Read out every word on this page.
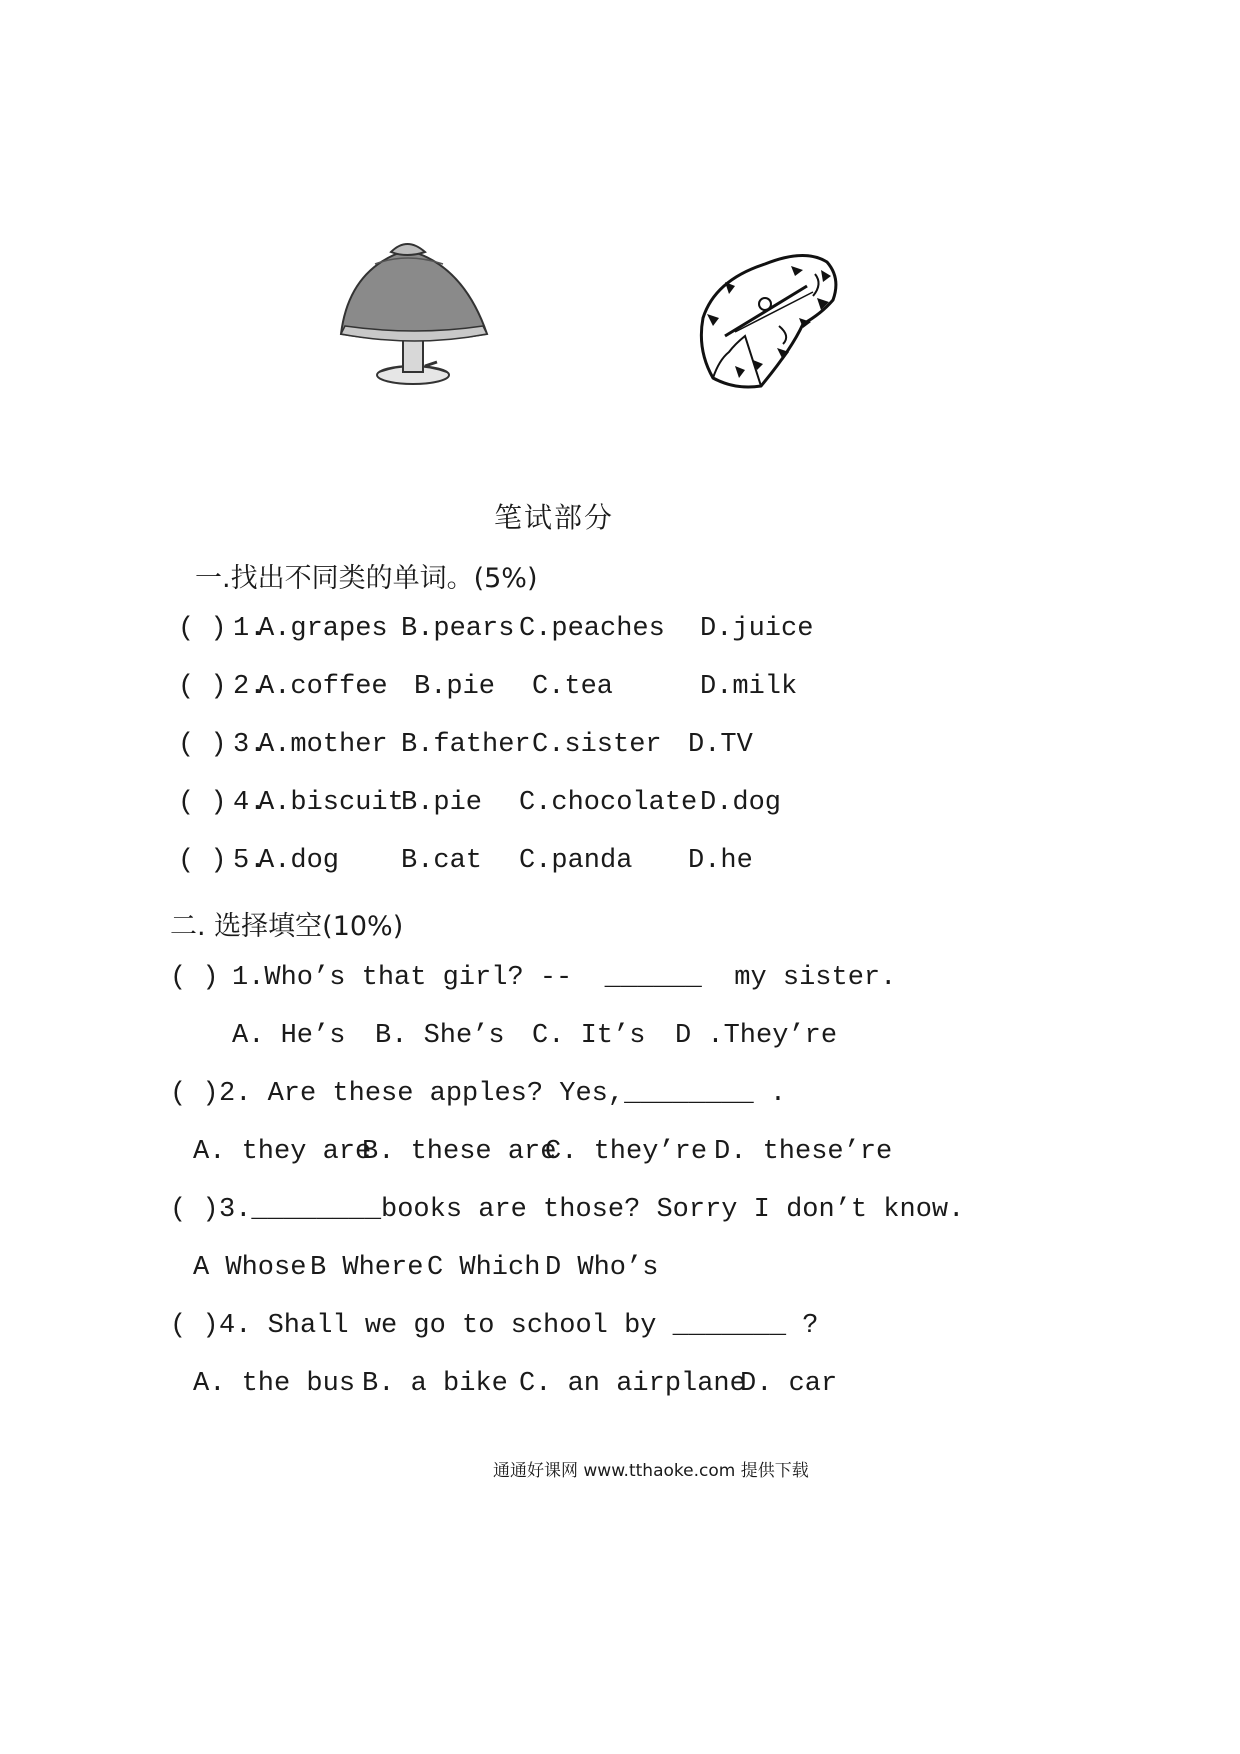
笔试部分
一.找出不同类的单词。(5%)
( ) 1.
A.grapes B.pears C.peaches D.juice
( ) 2.
A.coffee B.pie C.tea	D.milk
( ) 3.
A.mother B.father C.sister D.TV
( ) 4.
A.biscuit
B.pie C.chocolate D.dog
( ) 5.
A.dog B.cat C.panda D.he
二. 选择填空(10%)
( ) 1.Who’s that girl? --  ______  my sister.
A. He’s B. She’s C. It’s D .They’re
( ) 2. Are these apples? Yes,________ .
A. they are
B. these are
C. they’re D. these’re
( ) 3.________books are those? Sorry I don’t know.
A Whose B Where C Which D Who’s
( ) 4. Shall we go to school by _______ ?
A. the bus B. a bike C. an airplane
D. car
通通好课网 www.tthaoke.com 提供下载
